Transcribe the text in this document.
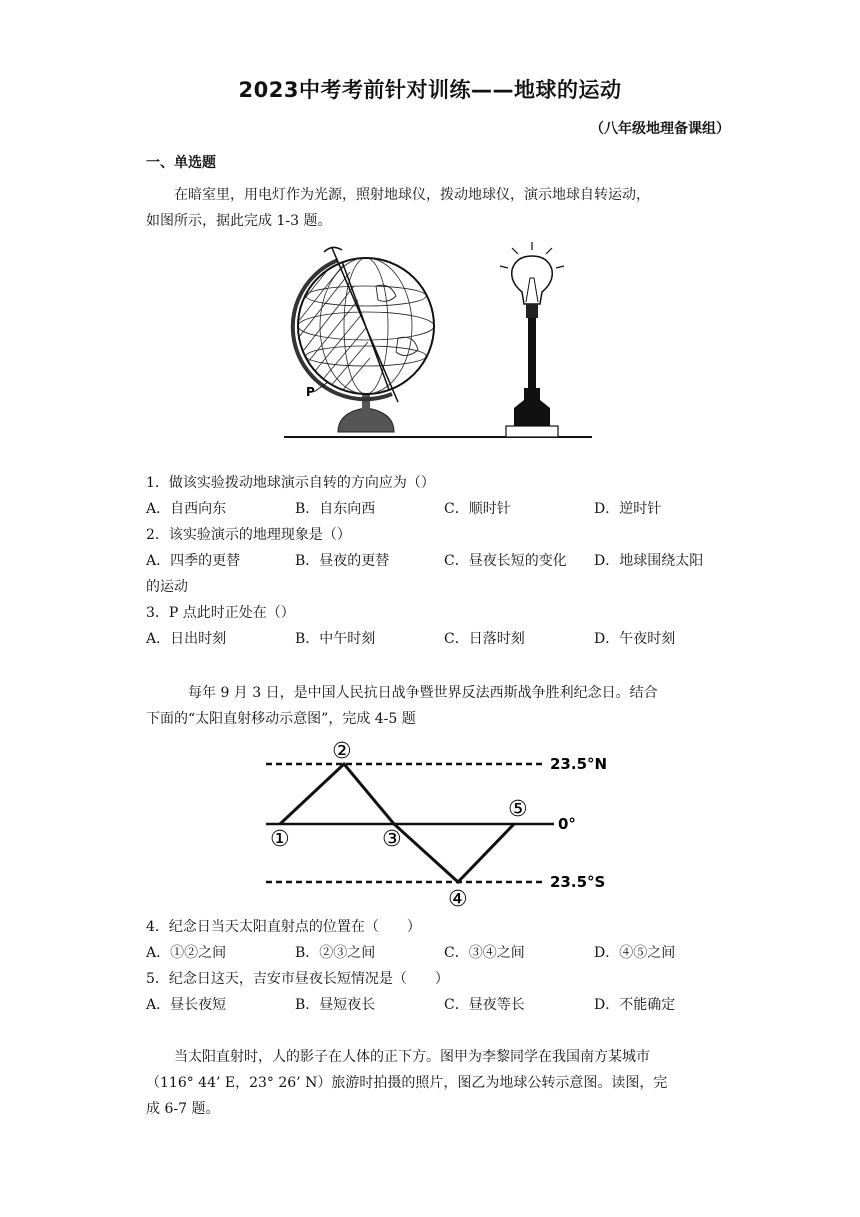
2023中考考前针对训练——地球的运动
（八年级地理备课组）
一、单选题
在暗室里，用电灯作为光源，照射地球仪，拨动地球仪，演示地球自转运动，
如图所示，据此完成 1-3 题。
P
1．做该实验拨动地球演示自转的方向应为（）
A．自西向东	B．自东向西	C．顺时针	D．逆时针
2．该实验演示的地理现象是（）
A．四季的更替	B．昼夜的更替	C．昼夜长短的变化 D．地球围绕太阳
的运动
3．P 点此时正处在（）
A．日出时刻	B．中午时刻	C．日落时刻	D．午夜时刻
每年 9 月 3 日，是中国人民抗日战争暨世界反法西斯战争胜利纪念日。结合
下面的“太阳直射移动示意图”，完成 4-5 题
23.5°N
0°
23.5°S
①
②
③
④
⑤
4．纪念日当天太阳直射点的位置在（　　）
A．①②之间	B．②③之间	C．③④之间	D．④⑤之间
5．纪念日这天，吉安市昼夜长短情况是（　　）
A．昼长夜短	B．昼短夜长	C．昼夜等长	D．不能确定
当太阳直射时，人的影子在人体的正下方。图甲为李黎同学在我国南方某城市
（116° 44’ E，23° 26’ N）旅游时拍摄的照片，图乙为地球公转示意图。读图，完
成 6-7 题。
